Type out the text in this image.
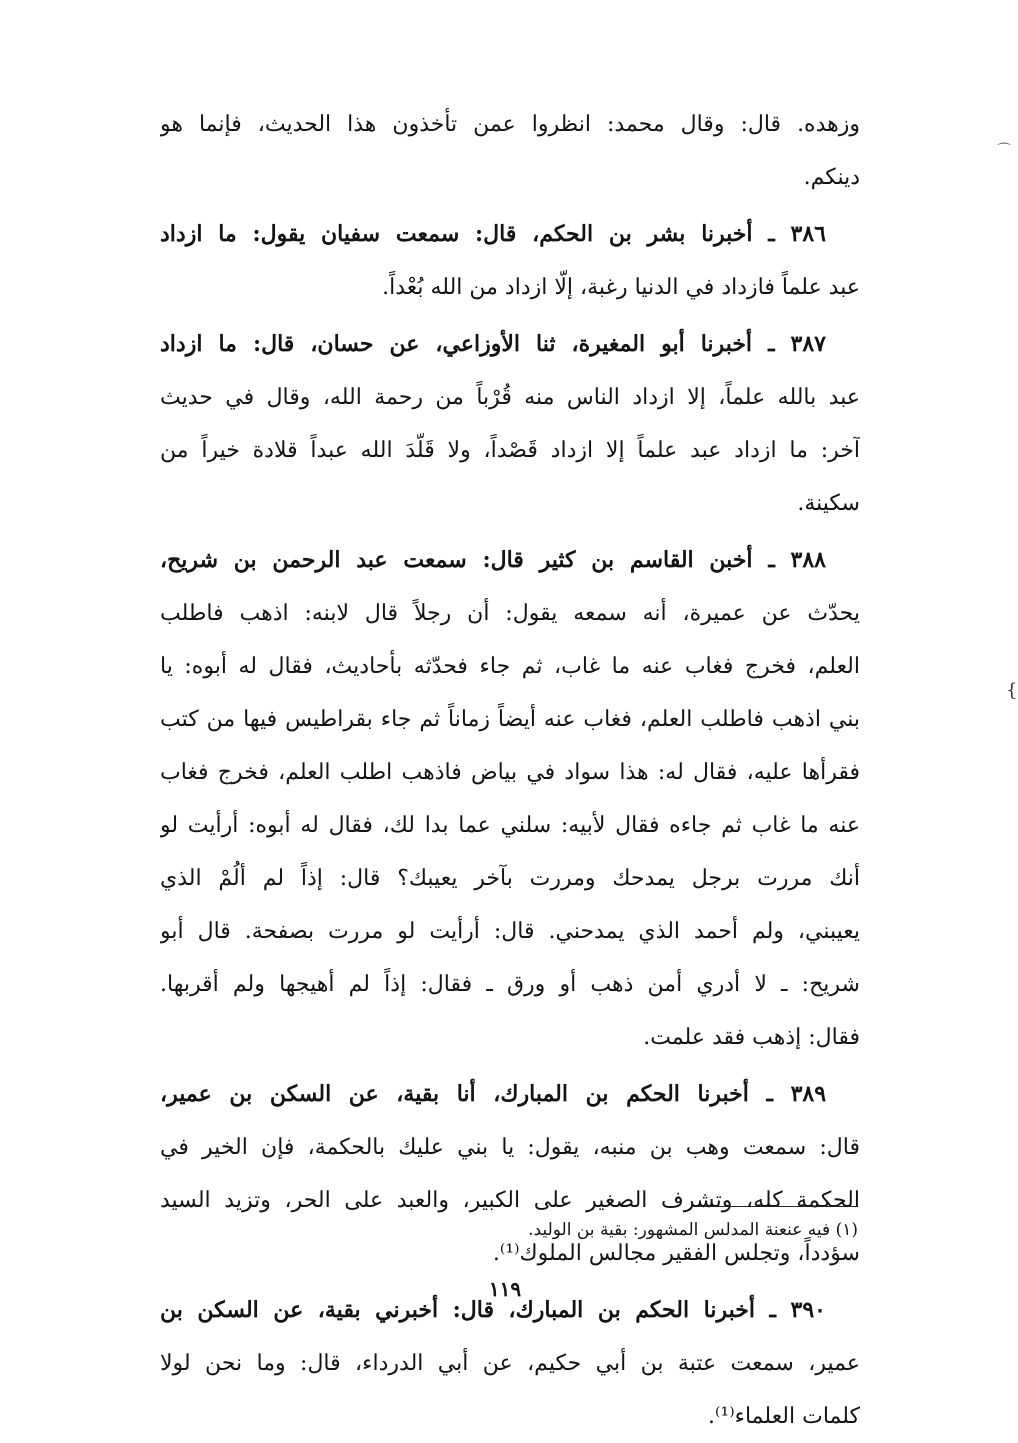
⌒
{
وزهده. قال: وقال محمد: انظروا عمن تأخذون هذا الحديث، فإنما هو
دينكم.
٣٨٦ ـ أخبرنا بشر بن الحكم، قال: سمعت سفيان يقول: ما ازداد
عبد علماً فازداد في الدنيا رغبة، إلّا ازداد من الله بُعْداً.
٣٨٧ ـ أخبرنا أبو المغيرة، ثنا الأوزاعي، عن حسان، قال: ما ازداد
عبد بالله علماً، إلا ازداد الناس منه قُرْباً من رحمة الله، وقال في حديث
آخر: ما ازداد عبد علماً إلا ازداد قَصْداً، ولا قَلّدَ الله عبداً قلادة خيراً من
سكينة.
٣٨٨ ـ أخبن القاسم بن كثير قال: سمعت عبد الرحمن بن شريح،
يحدّث عن عميرة، أنه سمعه يقول: أن رجلاً قال لابنه: اذهب فاطلب
العلم، فخرج فغاب عنه ما غاب، ثم جاء فحدّثه بأحاديث، فقال له أبوه: يا
بني اذهب فاطلب العلم، فغاب عنه أيضاً زماناً ثم جاء بقراطيس فيها من كتب
فقرأها عليه، فقال له: هذا سواد في بياض فاذهب اطلب العلم، فخرج فغاب
عنه ما غاب ثم جاءه فقال لأبيه: سلني عما بدا لك، فقال له أبوه: أرأيت لو
أنك مررت برجل يمدحك ومررت بآخر يعيبك؟ قال: إذاً لم ألُمْ الذي
يعيبني، ولم أحمد الذي يمدحني. قال: أرأيت لو مررت بصفحة. قال أبو
شريح: ـ لا أدري أمن ذهب أو ورق ـ فقال: إذاً لم أهيجها ولم أقربها.
فقال: إذهب فقد علمت.
٣٨٩ ـ أخبرنا الحكم بن المبارك، أنا بقية، عن السكن بن عمير،
قال: سمعت وهب بن منبه، يقول: يا بني عليك بالحكمة، فإن الخير في
الحكمة كله، وتشرف الصغير على الكبير، والعبد على الحر، وتزيد السيد
سؤدداً، وتجلس الفقير مجالس الملوك⁽¹⁾.
٣٩٠ ـ أخبرنا الحكم بن المبارك، قال: أخبرني بقية، عن السكن بن
عمير، سمعت عتبة بن أبي حكيم، عن أبي الدرداء، قال: وما نحن لولا
كلمات العلماء⁽¹⁾.
(١) فيه عنعنة المدلس المشهور: بقية بن الوليد.
١١٩
